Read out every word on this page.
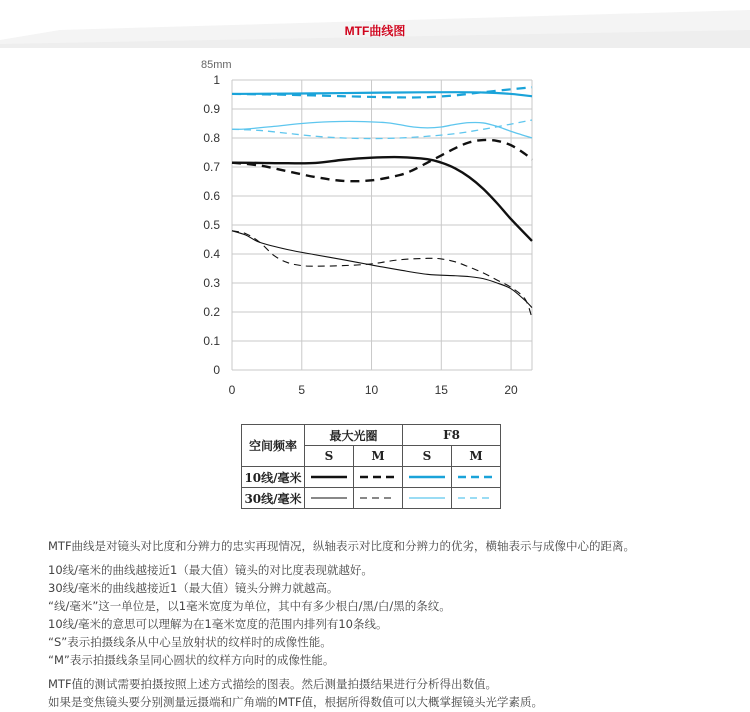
MTF曲线图
85mm
0
0.1
0.2
0.3
0.4
0.5
0.6
0.7
0.8
0.9
1
0	5	10	15	20
空间频率	最大光圈		F8	
	S	M	S	M
10线/毫米	

30线/毫米	

MTF曲线是对镜头对比度和分辨力的忠实再现情况，纵轴表示对比度和分辨力的优劣，横轴表示与成像中心的距离。

10线/毫米的曲线越接近1（最大值）镜头的对比度表现就越好。

30线/毫米的曲线越接近1（最大值）镜头分辨力就越高。

“线/毫米”这一单位是，以1毫米宽度为单位，其中有多少根白/黑/白/黑的条纹。

10线/毫米的意思可以理解为在1毫米宽度的范围内排列有10条线。

“S”表示拍摄线条从中心呈放射状的纹样时的成像性能。

“M”表示拍摄线条呈同心圆状的纹样方向时的成像性能。

MTF值的测试需要拍摄按照上述方式描绘的图表。然后测量拍摄结果进行分析得出数值。

如果是变焦镜头要分别测量远摄端和广角端的MTF值，根据所得数值可以大概掌握镜头光学素质。
